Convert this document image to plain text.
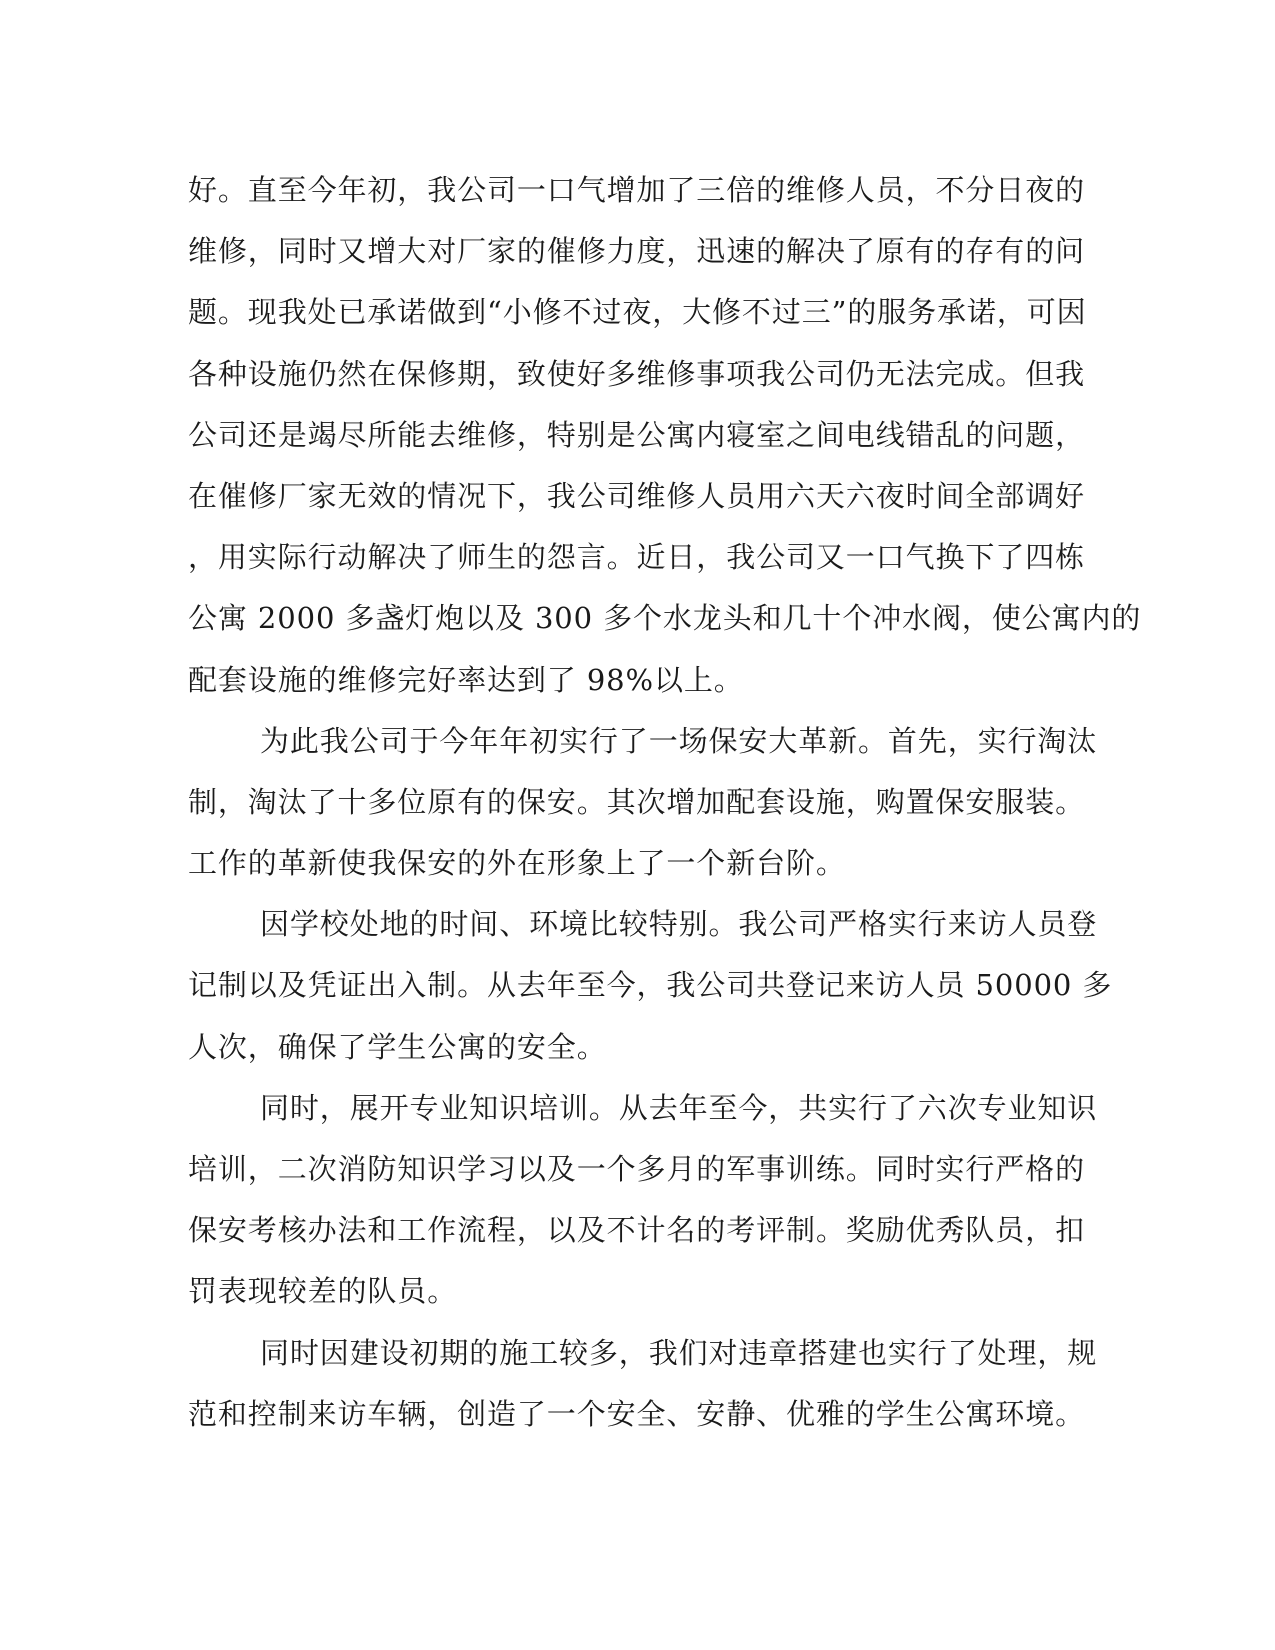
好。直至今年初，我公司一口气增加了三倍的维修人员，不分日夜的
维修，同时又增大对厂家的催修力度，迅速的解决了原有的存有的问
题。现我处已承诺做到“小修不过夜，大修不过三”的服务承诺，可因
各种设施仍然在保修期，致使好多维修事项我公司仍无法完成。但我
公司还是竭尽所能去维修，特别是公寓内寝室之间电线错乱的问题，
在催修厂家无效的情况下，我公司维修人员用六天六夜时间全部调好
，用实际行动解决了师生的怨言。近日，我公司又一口气换下了四栋
公寓 2000 多盏灯炮以及 300 多个水龙头和几十个冲水阀，使公寓内的
配套设施的维修完好率达到了 98%以上。
为此我公司于今年年初实行了一场保安大革新。首先，实行淘汰
制，淘汰了十多位原有的保安。其次增加配套设施，购置保安服装。
工作的革新使我保安的外在形象上了一个新台阶。
因学校处地的时间、环境比较特别。我公司严格实行来访人员登
记制以及凭证出入制。从去年至今，我公司共登记来访人员 50000 多
人次，确保了学生公寓的安全。
同时，展开专业知识培训。从去年至今，共实行了六次专业知识
培训，二次消防知识学习以及一个多月的军事训练。同时实行严格的
保安考核办法和工作流程，以及不计名的考评制。奖励优秀队员，扣
罚表现较差的队员。
同时因建设初期的施工较多，我们对违章搭建也实行了处理，规
范和控制来访车辆，创造了一个安全、安静、优雅的学生公寓环境。
